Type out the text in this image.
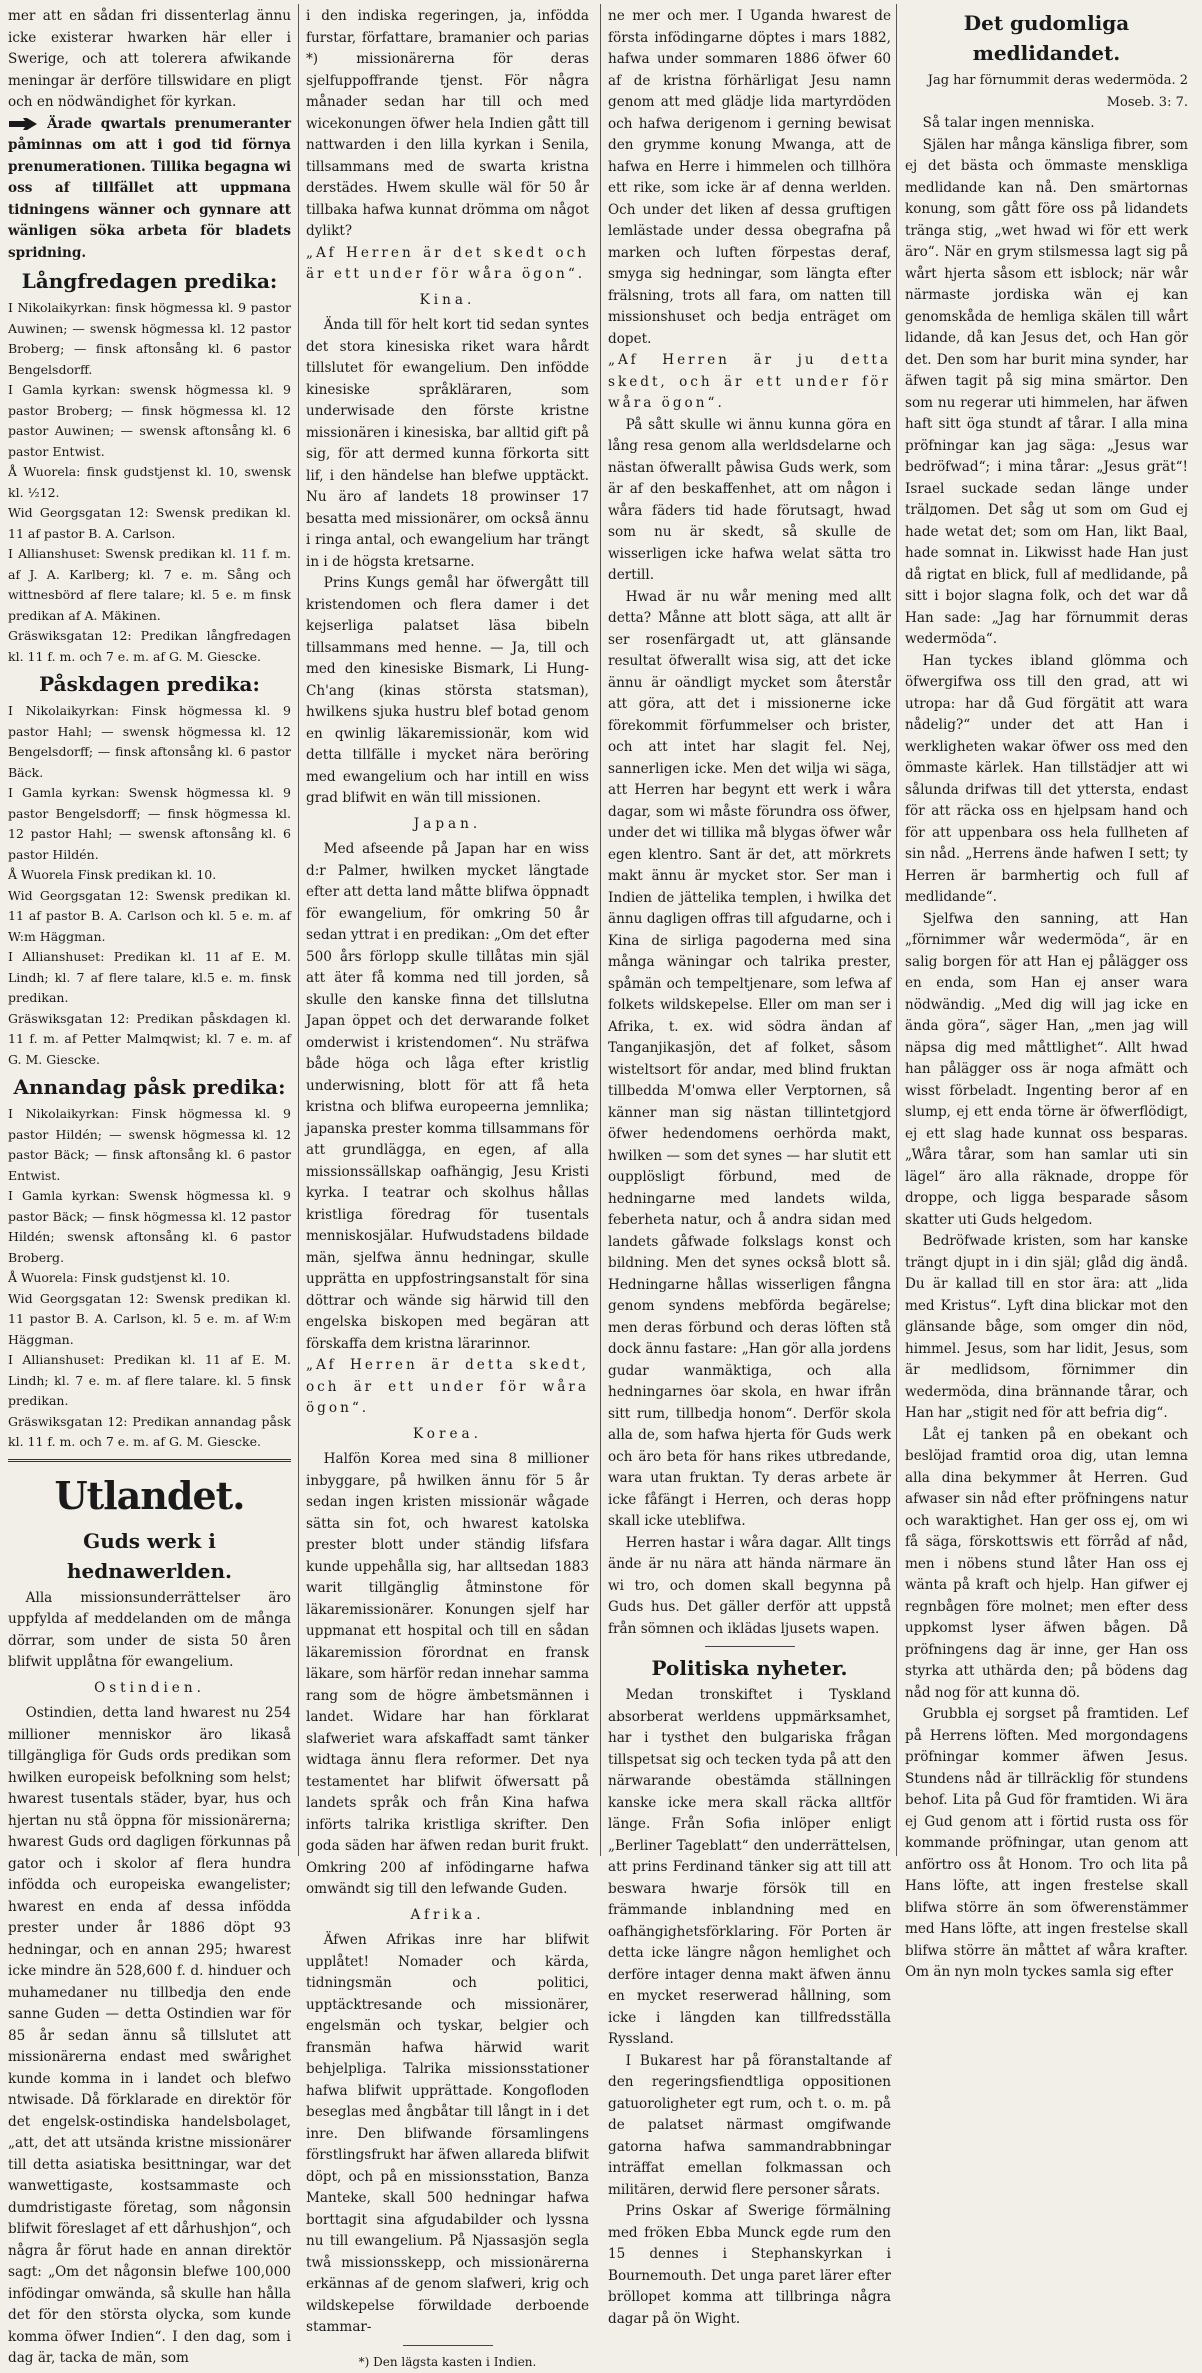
mer att en sådan fri dissenterlag ännu icke existerar hwarken här eller i Swerige, och att tolerera afwikande meningar är derföre tillswidare en pligt och en nödwändighet för kyrkan.

Ärade qwartals prenumeranter påminnas om att i god tid förnya prenumerationen. Tillika begagna wi oss af tillfället att uppmana tidningens wänner och gynnare att wänligen söka arbeta för bladets spridning.

Långfredagen predika:

I Nikolaikyrkan: finsk högmessa kl. 9 pastor Auwinen; — swensk högmessa kl. 12 pastor Broberg; — finsk aftonsång kl. 6 pastor Bengelsdorff.

I Gamla kyrkan: swensk högmessa kl. 9 pastor Broberg; — finsk högmessa kl. 12 pastor Auwinen; — swensk aftonsång kl. 6 pastor Entwist.

Å Wuorela: finsk gudstjenst kl. 10, swensk kl. ½12.

Wid Georgsgatan 12: Swensk predikan kl. 11 af pastor B. A. Carlson.

I Allianshuset: Swensk predikan kl. 11 f. m. af J. A. Karlberg; kl. 7 e. m. Sång och wittnesbörd af flere talare; kl. 5 e. m finsk predikan af A. Mäkinen.

Gräswiksgatan 12: Predikan långfredagen kl. 11 f. m. och 7 e. m. af G. M. Giescke.

Påskdagen predika:

I Nikolaikyrkan: Finsk högmessa kl. 9 pastor Hahl; — swensk högmessa kl. 12 Bengelsdorff; — finsk aftonsång kl. 6 pastor Bäck.

I Gamla kyrkan: Swensk högmessa kl. 9 pastor Bengelsdorff; — finsk högmessa kl. 12 pastor Hahl; — swensk aftonsång kl. 6 pastor Hildén.

Å Wuorela Finsk predikan kl. 10.

Wid Georgsgatan 12: Swensk predikan kl. 11 af pastor B. A. Carlson och kl. 5 e. m. af W:m Häggman.

I Allianshuset: Predikan kl. 11 af E. M. Lindh; kl. 7 af flere talare, kl.5 e. m. finsk predikan.

Gräswiksgatan 12: Predikan påskdagen kl. 11 f. m. af Petter Malmqwist; kl. 7 e. m. af G. M. Giescke.

Annandag påsk predika:

I Nikolaikyrkan: Finsk högmessa kl. 9 pastor Hildén; — swensk högmessa kl. 12 pastor Bäck; — finsk aftonsång kl. 6 pastor Entwist.

I Gamla kyrkan: Swensk högmessa kl. 9 pastor Bäck; — finsk högmessa kl. 12 pastor Hildén; swensk aftonsång kl. 6 pastor Broberg.

Å Wuorela: Finsk gudstjenst kl. 10.

Wid Georgsgatan 12: Swensk predikan kl. 11 pastor B. A. Carlson, kl. 5 e. m. af W:m Häggman.

I Allianshuset: Predikan kl. 11 af E. M. Lindh; kl. 7 e. m. af flere talare. kl. 5 finsk predikan.

Gräswiksgatan 12: Predikan annandag påsk kl. 11 f. m. och 7 e. m. af G. M. Giescke.

Utlandet.
Guds werk i hednawerlden.

Alla missionsunderrättelser äro uppfylda af meddelanden om de många dörrar, som under de sista 50 åren blifwit upplåtna för ewangelium.

Ostindien.

Ostindien, detta land hwarest nu 254 millioner menniskor äro likaså tillgängliga för Guds ords predikan som hwilken europeisk befolkning som helst; hwarest tusentals städer, byar, hus och hjertan nu stå öppna för missionärerna; hwarest Guds ord dagligen förkunnas på gator och i skolor af flera hundra infödda och europeiska ewangelister; hwarest en enda af dessa infödda prester under år 1886 döpt 93 hedningar, och en annan 295; hwarest icke mindre än 528,600 f. d. hinduer och muhamedaner nu tillbedja den ende sanne Guden — detta Ostindien war för 85 år sedan ännu så tillslutet att missionärerna endast med swårighet kunde komma in i landet och blefwo ntwisade. Då förklarade en direktör för det engelsk-ostindiska handelsbolaget, „att, det att utsända kristne missionärer till detta asiatiska besittningar, war det wanwettigaste, kostsammaste och dumdristigaste företag, som någonsin blifwit föreslaget af ett dårhushjon“, och några år förut hade en annan direktör sagt: „Om det någonsin blefwe 100,000 infödingar omwända, så skulle han hålla det för den största olycka, som kunde komma öfwer Indien“. I den dag, som i dag är, tacka de män, som

i den indiska regeringen, ja, infödda furstar, författare, bramanier och parias *) missionärerna för deras sjelfuppoffrande tjenst. För några månader sedan har till och med wicekonungen öfwer hela Indien gått till nattwarden i den lilla kyrkan i Senila, tillsammans med de swarta kristna derstädes. Hwem skulle wäl för 50 år tillbaka hafwa kunnat drömma om något dylikt?

„Af Herren är det skedt och är ett under för wåra ögon“.

Kina.

Ända till för helt kort tid sedan syntes det stora kinesiska riket wara hårdt tillslutet för ewangelium. Den infödde kinesiske språkläraren, som underwisade den förste kristne missionären i kinesiska, bar alltid gift på sig, för att dermed kunna förkorta sitt lif, i den händelse han blefwe upptäckt. Nu äro af landets 18 prowinser 17 besatta med missionärer, om också ännu i ringa antal, och ewangelium har trängt in i de högsta kretsarne.

Prins Kungs gemål har öfwergått till kristendomen och flera damer i det kejserliga palatset läsa bibeln tillsammans med henne. — Ja, till och med den kinesiske Bismark, Li Hung-Ch'ang (kinas största statsman), hwilkens sjuka hustru blef botad genom en qwinlig läkaremissionär, kom wid detta tillfälle i mycket nära beröring med ewangelium och har intill en wiss grad blifwit en wän till missionen.

Japan.

Med afseende på Japan har en wiss d:r Palmer, hwilken mycket längtade efter att detta land måtte blifwa öppnadt för ewangelium, för omkring 50 år sedan yttrat i en predikan: „Om det efter 500 års förlopp skulle tillåtas min själ att äter få komma ned till jorden, så skulle den kanske finna det tillslutna Japan öppet och det derwarande folket omderwist i kristendomen“. Nu sträfwa både höga och låga efter kristlig underwisning, blott för att få heta kristna och blifwa europeerna jemnlika; japanska prester komma tillsammans för att grundlägga, en egen, af alla missionssällskap oafhängig, Jesu Kristi kyrka. I teatrar och skolhus hållas kristliga föredrag för tusentals menniskosjälar. Hufwudstadens bildade män, sjelfwa ännu hedningar, skulle upprätta en uppfostringsanstalt för sina döttrar och wände sig härwid till den engelska biskopen med begäran att förskaffa dem kristna lärarinnor.

„Af Herren är detta skedt, och är ett under för wåra ögon“.

Korea.

Halfön Korea med sina 8 millioner inbyggare, på hwilken ännu för 5 år sedan ingen kristen missionär wågade sätta sin fot, och hwarest katolska prester blott under ständig lifsfara kunde uppehålla sig, har alltsedan 1883 warit tillgänglig åtminstone för läkaremissionärer. Konungen sjelf har uppmanat ett hospital och till en sådan läkaremission förordnat en fransk läkare, som härför redan innehar samma rang som de högre ämbetsmännen i landet. Widare har han förklarat slafweriet wara afskaffadt samt tänker widtaga ännu flera reformer. Det nya testamentet har blifwit öfwersatt på landets språk och från Kina hafwa införts talrika kristliga skrifter. Den goda säden har äfwen redan burit frukt. Omkring 200 af infödingarne hafwa omwändt sig till den lefwande Guden.

Afrika.

Äfwen Afrikas inre har blifwit upplåtet! Nomader och kärda, tidningsmän och politici, upptäcktresande och missionärer, engelsmän och tyskar, belgier och fransmän hafwa härwid warit behjelpliga. Talrika missionsstationer hafwa blifwit upprättade. Kongofloden beseglas med ångbåtar till långt in i det inre. Den blifwande församlingens förstlingsfrukt har äfwen allareda blifwit döpt, och på en missionsstation, Banza Manteke, skall 500 hedningar hafwa borttagit sina afgudabilder och lyssna nu till ewangelium. På Njassasjön segla twå missionsskepp, och missionärerna erkännas af de genom slafweri, krig och wildskepelse förwildade derboende stammar-

*) Den lägsta kasten i Indien.

ne mer och mer. I Uganda hwarest de första infödingarne döptes i mars 1882, hafwa under sommaren 1886 öfwer 60 af de kristna förhärligat Jesu namn genom att med glädje lida martyrdöden och hafwa derigenom i gerning bewisat den grymme konung Mwanga, att de hafwa en Herre i himmelen och tillhöra ett rike, som icke är af denna werlden. Och under det liken af dessa gruftigen lemlästade under dessa obegrafna på marken och luften förpestas deraf, smyga sig hedningar, som längta efter frälsning, trots all fara, om natten till missionshuset och bedja enträget om dopet.

„Af Herren är ju detta skedt, och är ett under för wåra ögon“.

På sått skulle wi ännu kunna göra en lång resa genom alla werldsdelarne och nästan öfwerallt påwisa Guds werk, som är af den beskaffenhet, att om någon i wåra fäders tid hade förutsagt, hwad som nu är skedt, så skulle de wisserligen icke hafwa welat sätta tro dertill.

Hwad är nu wår mening med allt detta? Månne att blott säga, att allt är ser rosenfärgadt ut, att glänsande resultat öfwerallt wisa sig, att det icke ännu är oändligt mycket som återstår att göra, att det i missionerne icke förekommit förfummelser och brister, och att intet har slagit fel. Nej, sannerligen icke. Men det wilja wi säga, att Herren har begynt ett werk i wåra dagar, som wi måste förundra oss öfwer, under det wi tillika må blygas öfwer wår egen klentro. Sant är det, att mörkrets makt ännu är mycket stor. Ser man i Indien de jättelika templen, i hwilka det ännu dagligen offras till afgudarne, och i Kina de sirliga pagoderna med sina många wäningar och talrika prester, spåmän och tempeltjenare, som lefwa af folkets wildskepelse. Eller om man ser i Afrika, t. ex. wid södra ändan af Tanganjikasjön, det af folket, såsom wisteltsort för andar, med blind fruktan tillbedda M'omwa eller Verptornen, så känner man sig nästan tillintetgjord öfwer hedendomens oerhörda makt, hwilken — som det synes — har slutit ett oupplösligt förbund, med de hedningarne med landets wildа, feberheta natur, och å andra sidan med landets gåfwade folkslags konst och bildning. Men det synes också blott så. Hedningarne hållas wisserligen fångna genom syndens mebförda begärelse; men deras förbund och deras löften stå dock ännu fastare: „Han gör alla jordens gudar wanmäktiga, och alla hedningarnes öar skola, en hwar ifrån sitt rum, tillbedja honom“. Derför skola alla de, som hafwa hjerta för Guds werk och äro beta för hans rikes utbredande, wara utan fruktan. Ty deras arbete är icke fåfängt i Herren, och deras hopp skall icke uteblifwa.

Herren hastar i wåra dagar. Allt tings ände är nu nära att hända närmare än wi tro, och domen skall begynna på Guds hus. Det gäller derför att uppstå från sömnen och iklädas ljusets wapen.

Politiska nyheter.

Medan tronskiftet i Tyskland absorberat werldens uppmärksamhet, har i tysthet den bulgariska frågan tillspetsat sig och tecken tyda på att den närwarande obestämda ställningen kanske icke mera skall räcka alltför länge. Från Sofia inlöper enligt „Berliner Tageblatt“ den underrättelsen, att prins Ferdinand tänker sig att till att beswara hwarje försök till en främmande inblandning med en oafhängighetsförklaring. För Porten är detta icke längre någon hemlighet och derföre intager denna makt äfwen ännu en mycket reserwerad hållning, som icke i längden kan tillfredsställa Ryssland.

I Bukarest har på föranstaltande af den regeringsfiendtliga oppositionen gatuoroligheter egt rum, och t. o. m. på de palatset närmast omgifwande gatorna hafwa sammandrabbningar inträffat emellan folkmassan och militären, derwid flere personer sårats.

Prins Oskar af Swerige förmälning med fröken Ebba Munck egde rum den 15 dennes i Stephanskyrkan i Bournemouth. Det unga paret lärer efter bröllopet komma att tillbringa några dagar på ön Wight.

Det gudomliga medlidandet.

Jag har förnummit deras wedermöda. 2 Mosеb. 3: 7.

Så talar ingen menniska.

Själen har många känsliga fibrer, som ej det bästa och ömmaste menskliga medlidande kan nå. Den smärtornas konung, som gått före oss på lidandets tränga stig, „wet hwad wi för ett werk äro“. När en grym stilsmessa lagt sig på wårt hjerta såsom ett isblock; när wår närmaste jordiska wän ej kan genomskåda de hemliga skälen till wårt lidande, då kan Jesus det, och Han gör det. Den som har burit mina synder, har äfwen tagit på sig mina smärtor. Den som nu regerar uti himmelen, har äfwen haft sitt öga stundt af tårar. I alla mina pröfningar kan jag säga: „Jesus war bedröfwad“; i mina tårar: „Jesus grät“! Israel suckade sedan länge under trälдomen. Det såg ut som om Gud ej hade wetat det; som om Han, likt Baal, hade somnat in. Likwisst hade Han just då rigtat en blick, full af medlidande, på sitt i bojor slagna folk, och det war då Han sade: „Jag har förnummit deras wedermöda“.

Han tyckes ibland glömma och öfwergifwa oss till den grad, att wi utropa: har då Gud förgätit att wara nådelig?“ under det att Han i werkligheten wakar öfwer oss med den ömmaste kärlek. Han tillstädjer att wi sålunda drifwas till det yttersta, endast för att räcka oss en hjelpsam hand och för att uppenbara oss hela fullheten af sin nåd. „Herrens ände hafwen I sett; ty Herren är barmhertig och full af medlidande“.

Sjelfwa den sanning, att Han „förnimmer wår wedermöda“, är en salig borgen för att Han ej pålägger oss en enda, som Han ej anser wara nödwändig. „Med dig will jag icke en ända göra“, säger Han, „men jag will näpsa dig med måttlighet“. Allt hwad han pålägger oss är noga afmätt och wisst förbeladt. Ingenting beror af en slump, ej ett enda törne är öfwerflödigt, ej ett slag hade kunnat oss besparas. „Wåra tårar, som han samlar uti sin lägel“ äro alla räknade, droppe för droppe, och ligga besparade såsom skatter uti Guds helgedom.

Bedröfwade kristen, som har kanske trängt djupt in i din själ; glåd dig ändå. Du är kallad till en stor ära: att „lida med Kristus“. Lyft dina blickar mot den glänsande båge, som omger din nöd, himmel. Jesus, som har lidit, Jesus, som är medlidsom, förnimmer din wedermöda, dina brännande tårar, och Han har „stigit ned för att befria dig“.

Låt ej tanken på en obekant och beslöjad framtid oroa dig, utan lemna alla dina bekymmer åt Herren. Gud afwaser sin nåd efter pröfningens natur och waraktighet. Han ger oss ej, om wi få säga, förskottswis ett förråd af nåd, men i nöbens stund låter Han oss ej wänta på kraft och hjelp. Han gifwer ej regnbågen före molnet; men efter dess uppkomst lyser äfwen bågen. Då pröfningens dag är inne, ger Han oss styrka att uthärda den; på bödens dag nåd nog för att kunna dö.

Grubbla ej sorgset på framtiden. Lef på Herrens löften. Med morgondagens pröfningar kommer äfwen Jesus. Stundens nåd är tillräcklig för stundens behof. Lita på Gud för framtiden. Wi ära ej Gud genom att i förtid rusta oss för kommande pröfningar, utan genom att anförtro oss åt Honom. Tro och lita på Hans löfte, att ingen frestelse skall blifwa större än som öfwerenstämmer med Hans löfte, att ingen frestelse skall blifwa större än måttet af wåra krafter. Om än nyn moln tyckes samla sig efter
